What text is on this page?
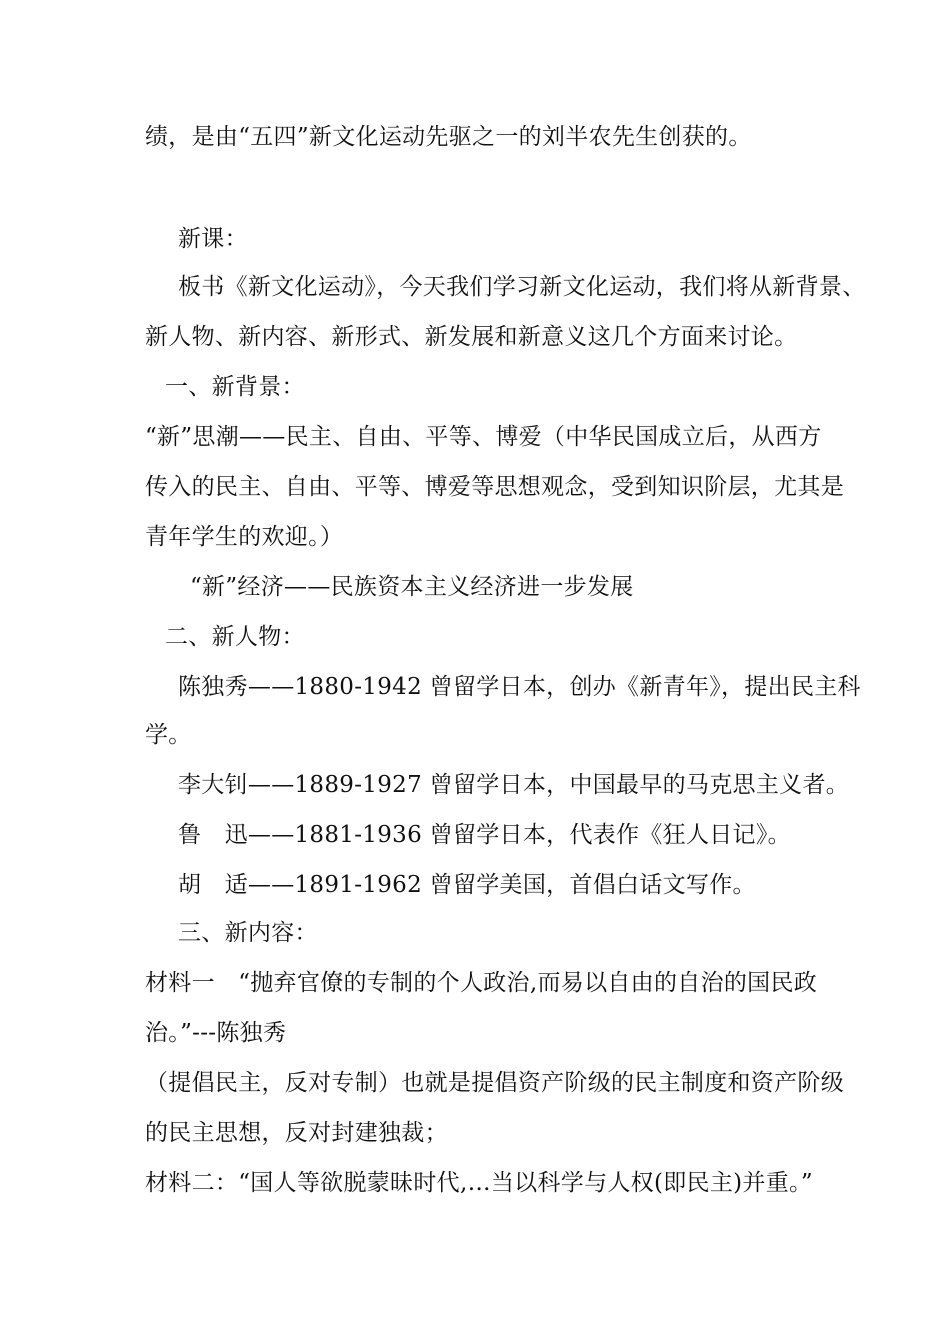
绩，是由“五四”新文化运动先驱之一的刘半农先生创获的。
新课：
板书《新文化运动》，今天我们学习新文化运动，我们将从新背景、
新人物、新内容、新形式、新发展和新意义这几个方面来讨论。
一、新背景：
“新”思潮——民主、自由、平等、博爱（中华民国成立后，从西方
传入的民主、自由、平等、博爱等思想观念，受到知识阶层，尤其是
青年学生的欢迎。）
“新”经济——民族资本主义经济进一步发展
二、新人物：
陈独秀——1880-1942 曾留学日本，创办《新青年》，提出民主科
学。
李大钊——1889-1927 曾留学日本，中国最早的马克思主义者。
鲁　迅——1881-1936 曾留学日本，代表作《狂人日记》。
胡　适——1891-1962 曾留学美国，首倡白话文写作。
三、新内容：
材料一　“抛弃官僚的专制的个人政治,而易以自由的自治的国民政
治。”---陈独秀
（提倡民主，反对专制）也就是提倡资产阶级的民主制度和资产阶级
的民主思想，反对封建独裁；
材料二：“国人等欲脱蒙昧时代,…当以科学与人权(即民主)并重。”
